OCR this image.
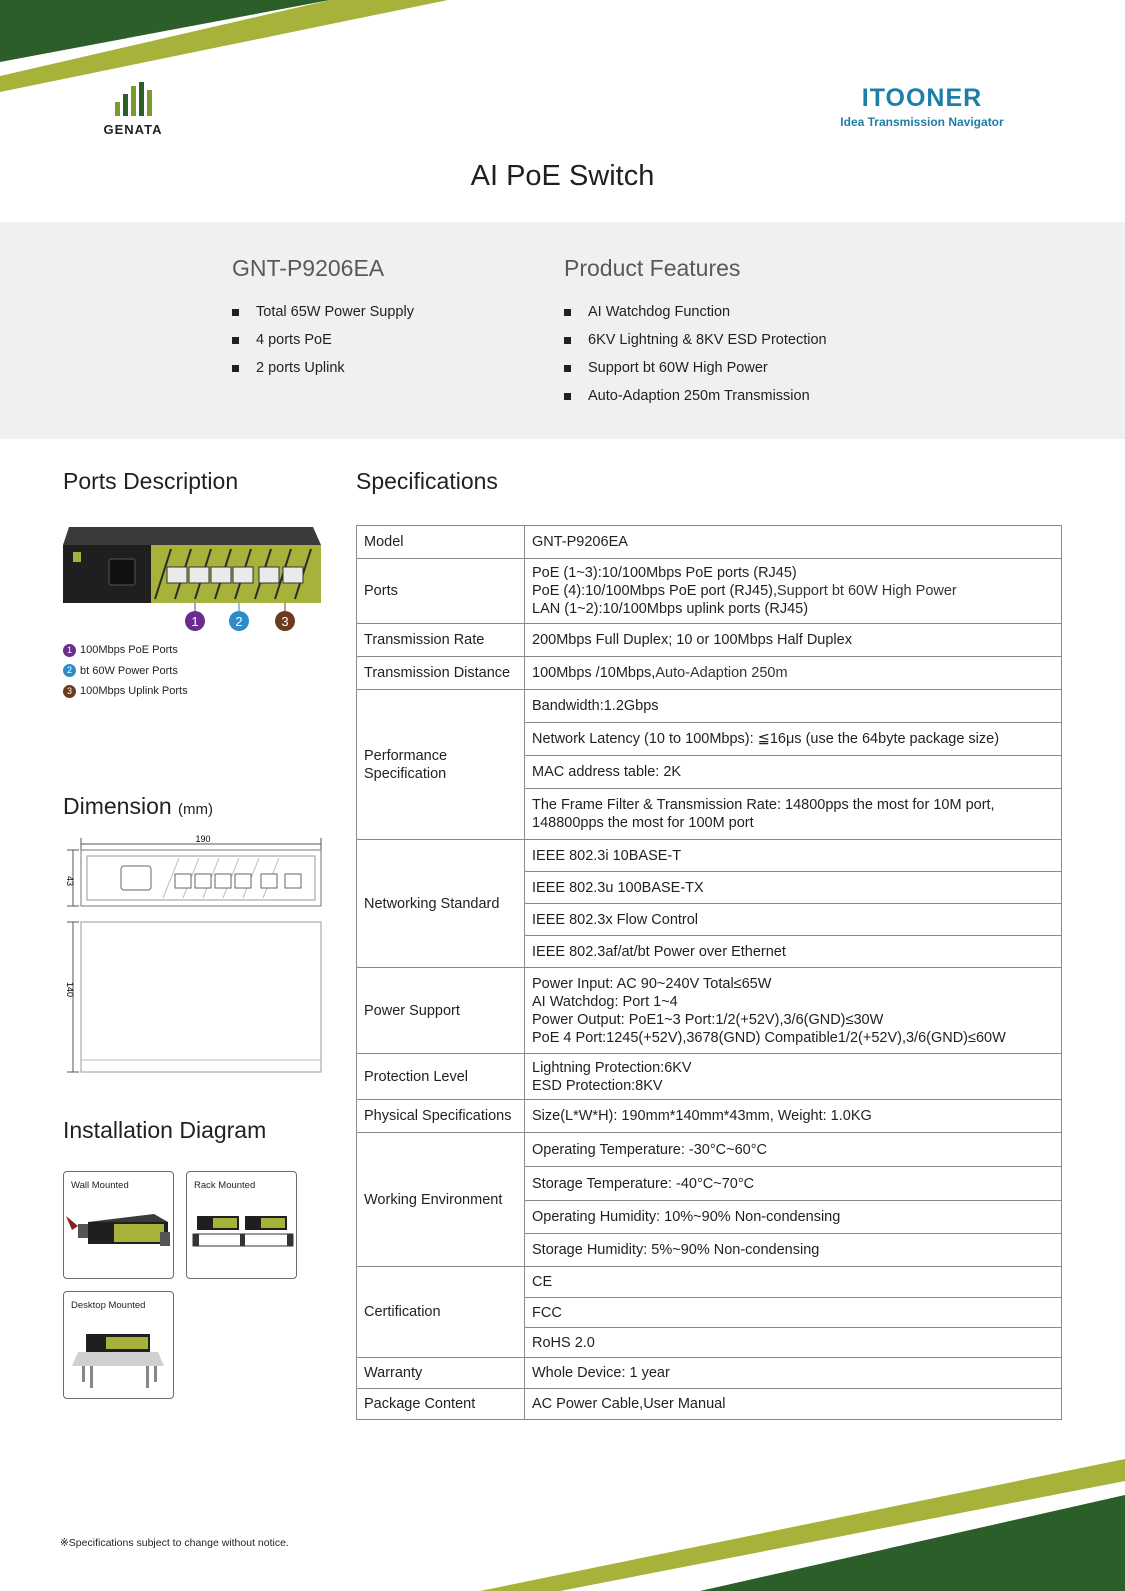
GENATA
ITOONER
Idea Transmission Navigator
AI PoE Switch
GNT-P9206EA
Total 65W Power Supply
4 ports PoE
2 ports Uplink
Product Features
AI Watchdog Function
6KV Lightning & 8KV ESD Protection
Support bt 60W High Power
Auto-Adaption 250m Transmission
Ports Description
1	2	3
1 100Mbps PoE Ports
2 bt 60W Power Ports
3 100Mbps Uplink Ports
Dimension (mm)
190
43
140
Installation Diagram
Wall Mounted	Rack Mounted
Desktop Mounted
Specifications
Model	GNT-P9206EA
Ports	PoE (1~3):10/100Mbps PoE ports (RJ45)
PoE (4):10/100Mbps PoE port (RJ45),Support bt 60W High Power
LAN (1~2):10/100Mbps uplink ports (RJ45)

Transmission Rate	200Mbps Full Duplex; 10 or 100Mbps Half Duplex
Transmission Distance	100Mbps /10Mbps,Auto-Adaption 250m
Performance Specification	Bandwidth:1.2Gbps
	Network Latency (10 to 100Mbps): ≦16μs (use the 64byte package size)
	MAC address table: 2K

	The Frame Filter & Transmission Rate: 14800pps the most for 10M port,
148800pps the most for 100M port

Networking Standard	IEEE 802.3i 10BASE-T
	IEEE 802.3u 100BASE-TX
	IEEE 802.3x Flow Control
	IEEE 802.3af/at/bt Power over Ethernet
Power Support	Power Input: AC 90~240V Total≤65W
AI Watchdog: Port 1~4
Power Output: PoE1~3 Port:1/2(+52V),3/6(GND)≤30W
PoE 4 Port:1245(+52V),3678(GND) Compatible1/2(+52V),3/6(GND)≤60W

Protection Level	Lightning Protection:6KV
ESD Protection:8KV

Physical Specifications	Size(L*W*H): 190mm*140mm*43mm, Weight: 1.0KG
Working Environment	Operating Temperature: -30°C~60°C
	Storage Temperature: -40°C~70°C
	Operating Humidity: 10%~90% Non-condensing
	Storage Humidity: 5%~90% Non-condensing
Certification	CE
	FCC
	RoHS 2.0
Warranty	Whole Device: 1 year
Package Content	AC Power Cable,User Manual
※Specifications subject to change without notice.
